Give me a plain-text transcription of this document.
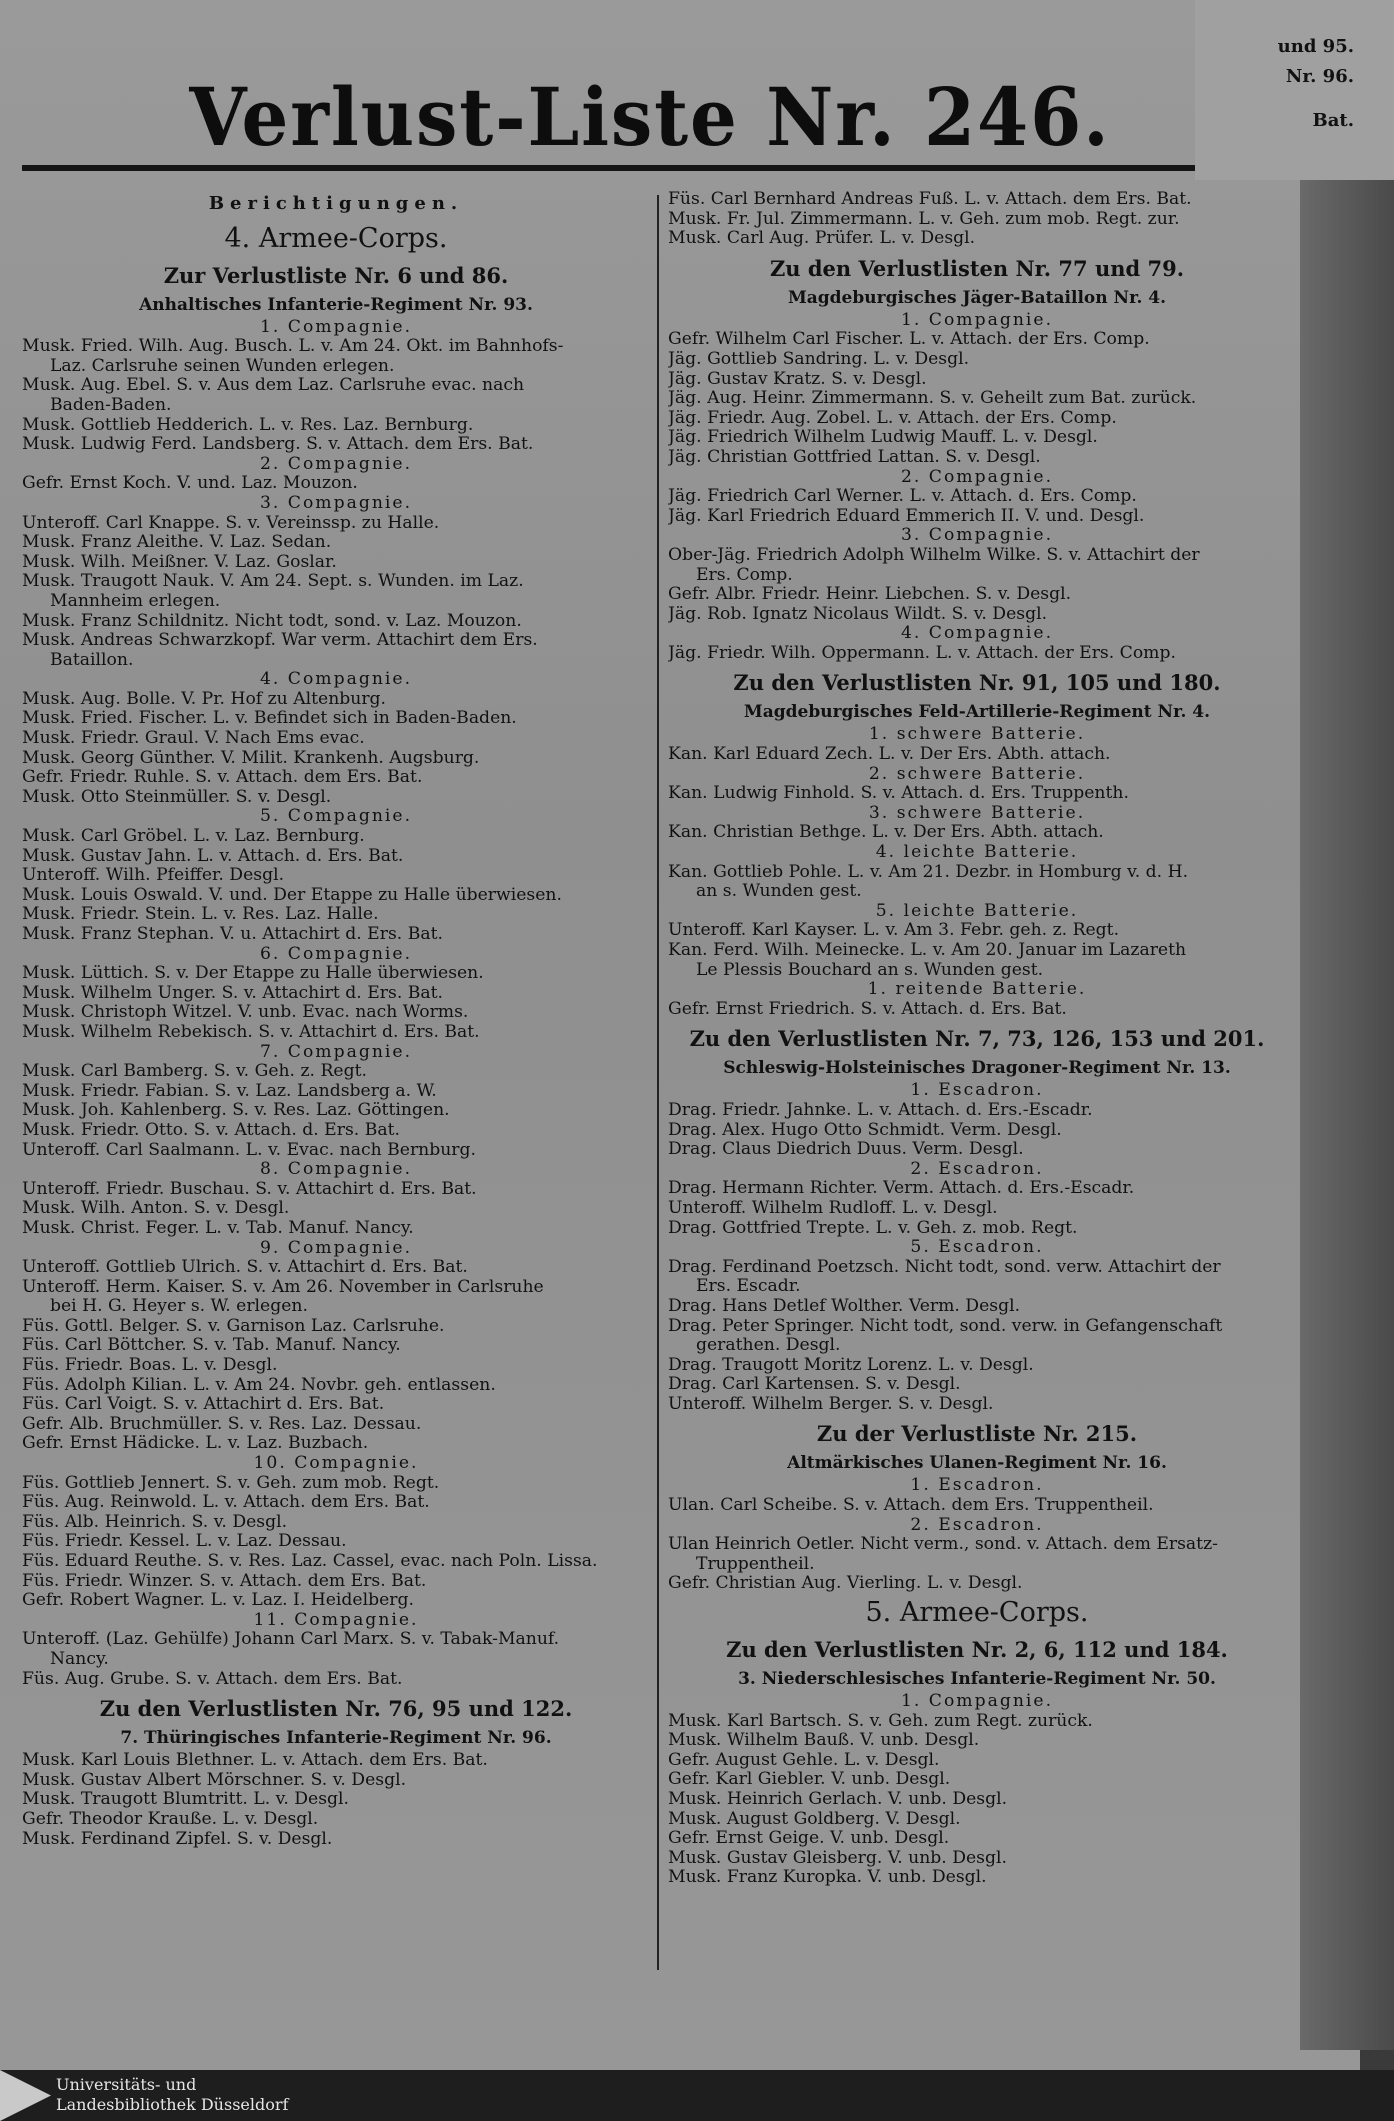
Verlust-Liste Nr. 246.
Berichtigungen.
4. Armee-Corps.
Zur Verlustliste Nr. 6 und 86.
Anhaltisches Infanterie-Regiment Nr. 93.
1. Compagnie.
Musk. Fried. Wilh. Aug. Busch. L. v. Am 24. Okt. im Bahnhofs-
Laz. Carlsruhe seinen Wunden erlegen.
Musk. Aug. Ebel. S. v. Aus dem Laz. Carlsruhe evac. nach
Baden-Baden.
Musk. Gottlieb Hedderich. L. v. Res. Laz. Bernburg.
Musk. Ludwig Ferd. Landsberg. S. v. Attach. dem Ers. Bat.
2. Compagnie.
Gefr. Ernst Koch. V. und. Laz. Mouzon.
3. Compagnie.
Unteroff. Carl Knappe. S. v. Vereinssp. zu Halle.
Musk. Franz Aleithe. V. Laz. Sedan.
Musk. Wilh. Meißner. V. Laz. Goslar.
Musk. Traugott Nauk. V. Am 24. Sept. s. Wunden. im Laz.
Mannheim erlegen.
Musk. Franz Schildnitz. Nicht todt, sond. v. Laz. Mouzon.
Musk. Andreas Schwarzkopf. War verm. Attachirt dem Ers.
Bataillon.
4. Compagnie.
Musk. Aug. Bolle. V. Pr. Hof zu Altenburg.
Musk. Fried. Fischer. L. v. Befindet sich in Baden-Baden.
Musk. Friedr. Graul. V. Nach Ems evac.
Musk. Georg Günther. V. Milit. Krankenh. Augsburg.
Gefr. Friedr. Ruhle. S. v. Attach. dem Ers. Bat.
Musk. Otto Steinmüller. S. v. Desgl.
5. Compagnie.
Musk. Carl Gröbel. L. v. Laz. Bernburg.
Musk. Gustav Jahn. L. v. Attach. d. Ers. Bat.
Unteroff. Wilh. Pfeiffer. Desgl.
Musk. Louis Oswald. V. und. Der Etappe zu Halle überwiesen.
Musk. Friedr. Stein. L. v. Res. Laz. Halle.
Musk. Franz Stephan. V. u. Attachirt d. Ers. Bat.
6. Compagnie.
Musk. Lüttich. S. v. Der Etappe zu Halle überwiesen.
Musk. Wilhelm Unger. S. v. Attachirt d. Ers. Bat.
Musk. Christoph Witzel. V. unb. Evac. nach Worms.
Musk. Wilhelm Rebekisch. S. v. Attachirt d. Ers. Bat.
7. Compagnie.
Musk. Carl Bamberg. S. v. Geh. z. Regt.
Musk. Friedr. Fabian. S. v. Laz. Landsberg a. W.
Musk. Joh. Kahlenberg. S. v. Res. Laz. Göttingen.
Musk. Friedr. Otto. S. v. Attach. d. Ers. Bat.
Unteroff. Carl Saalmann. L. v. Evac. nach Bernburg.
8. Compagnie.
Unteroff. Friedr. Buschau. S. v. Attachirt d. Ers. Bat.
Musk. Wilh. Anton. S. v. Desgl.
Musk. Christ. Feger. L. v. Tab. Manuf. Nancy.
9. Compagnie.
Unteroff. Gottlieb Ulrich. S. v. Attachirt d. Ers. Bat.
Unteroff. Herm. Kaiser. S. v. Am 26. November in Carlsruhe
bei H. G. Heyer s. W. erlegen.
Füs. Gottl. Belger. S. v. Garnison Laz. Carlsruhe.
Füs. Carl Böttcher. S. v. Tab. Manuf. Nancy.
Füs. Friedr. Boas. L. v. Desgl.
Füs. Adolph Kilian. L. v. Am 24. Novbr. geh. entlassen.
Füs. Carl Voigt. S. v. Attachirt d. Ers. Bat.
Gefr. Alb. Bruchmüller. S. v. Res. Laz. Dessau.
Gefr. Ernst Hädicke. L. v. Laz. Buzbach.
10. Compagnie.
Füs. Gottlieb Jennert. S. v. Geh. zum mob. Regt.
Füs. Aug. Reinwold. L. v. Attach. dem Ers. Bat.
Füs. Alb. Heinrich. S. v. Desgl.
Füs. Friedr. Kessel. L. v. Laz. Dessau.
Füs. Eduard Reuthe. S. v. Res. Laz. Cassel, evac. nach Poln. Lissa.
Füs. Friedr. Winzer. S. v. Attach. dem Ers. Bat.
Gefr. Robert Wagner. L. v. Laz. I. Heidelberg.
11. Compagnie.
Unteroff. (Laz. Gehülfe) Johann Carl Marx. S. v. Tabak-Manuf.
Nancy.
Füs. Aug. Grube. S. v. Attach. dem Ers. Bat.
Zu den Verlustlisten Nr. 76, 95 und 122.
7. Thüringisches Infanterie-Regiment Nr. 96.
Musk. Karl Louis Blethner. L. v. Attach. dem Ers. Bat.
Musk. Gustav Albert Mörschner. S. v. Desgl.
Musk. Traugott Blumtritt. L. v. Desgl.
Gefr. Theodor Krauße. L. v. Desgl.
Musk. Ferdinand Zipfel. S. v. Desgl.
Füs. Carl Bernhard Andreas Fuß. L. v. Attach. dem Ers. Bat.
Musk. Fr. Jul. Zimmermann. L. v. Geh. zum mob. Regt. zur.
Musk. Carl Aug. Prüfer. L. v. Desgl.
Zu den Verlustlisten Nr. 77 und 79.
Magdeburgisches Jäger-Bataillon Nr. 4.
1. Compagnie.
Gefr. Wilhelm Carl Fischer. L. v. Attach. der Ers. Comp.
Jäg. Gottlieb Sandring. L. v. Desgl.
Jäg. Gustav Kratz. S. v. Desgl.
Jäg. Aug. Heinr. Zimmermann. S. v. Geheilt zum Bat. zurück.
Jäg. Friedr. Aug. Zobel. L. v. Attach. der Ers. Comp.
Jäg. Friedrich Wilhelm Ludwig Mauff. L. v. Desgl.
Jäg. Christian Gottfried Lattan. S. v. Desgl.
2. Compagnie.
Jäg. Friedrich Carl Werner. L. v. Attach. d. Ers. Comp.
Jäg. Karl Friedrich Eduard Emmerich II. V. und. Desgl.
3. Compagnie.
Ober-Jäg. Friedrich Adolph Wilhelm Wilke. S. v. Attachirt der
Ers. Comp.
Gefr. Albr. Friedr. Heinr. Liebchen. S. v. Desgl.
Jäg. Rob. Ignatz Nicolaus Wildt. S. v. Desgl.
4. Compagnie.
Jäg. Friedr. Wilh. Oppermann. L. v. Attach. der Ers. Comp.
Zu den Verlustlisten Nr. 91, 105 und 180.
Magdeburgisches Feld-Artillerie-Regiment Nr. 4.
1. schwere Batterie.
Kan. Karl Eduard Zech. L. v. Der Ers. Abth. attach.
2. schwere Batterie.
Kan. Ludwig Finhold. S. v. Attach. d. Ers. Truppenth.
3. schwere Batterie.
Kan. Christian Bethge. L. v. Der Ers. Abth. attach.
4. leichte Batterie.
Kan. Gottlieb Pohle. L. v. Am 21. Dezbr. in Homburg v. d. H.
an s. Wunden gest.
5. leichte Batterie.
Unteroff. Karl Kayser. L. v. Am 3. Febr. geh. z. Regt.
Kan. Ferd. Wilh. Meinecke. L. v. Am 20. Januar im Lazareth
Le Plessis Bouchard an s. Wunden gest.
1. reitende Batterie.
Gefr. Ernst Friedrich. S. v. Attach. d. Ers. Bat.
Zu den Verlustlisten Nr. 7, 73, 126, 153 und 201.
Schleswig-Holsteinisches Dragoner-Regiment Nr. 13.
1. Escadron.
Drag. Friedr. Jahnke. L. v. Attach. d. Ers.-Escadr.
Drag. Alex. Hugo Otto Schmidt. Verm. Desgl.
Drag. Claus Diedrich Duus. Verm. Desgl.
2. Escadron.
Drag. Hermann Richter. Verm. Attach. d. Ers.-Escadr.
Unteroff. Wilhelm Rudloff. L. v. Desgl.
Drag. Gottfried Trepte. L. v. Geh. z. mob. Regt.
5. Escadron.
Drag. Ferdinand Poetzsch. Nicht todt, sond. verw. Attachirt der
Ers. Escadr.
Drag. Hans Detlef Wolther. Verm. Desgl.
Drag. Peter Springer. Nicht todt, sond. verw. in Gefangenschaft
gerathen. Desgl.
Drag. Traugott Moritz Lorenz. L. v. Desgl.
Drag. Carl Kartensen. S. v. Desgl.
Unteroff. Wilhelm Berger. S. v. Desgl.
Zu der Verlustliste Nr. 215.
Altmärkisches Ulanen-Regiment Nr. 16.
1. Escadron.
Ulan. Carl Scheibe. S. v. Attach. dem Ers. Truppentheil.
2. Escadron.
Ulan Heinrich Oetler. Nicht verm., sond. v. Attach. dem Ersatz-
Truppentheil.
Gefr. Christian Aug. Vierling. L. v. Desgl.
5. Armee-Corps.
Zu den Verlustlisten Nr. 2, 6, 112 und 184.
3. Niederschlesisches Infanterie-Regiment Nr. 50.
1. Compagnie.
Musk. Karl Bartsch. S. v. Geh. zum Regt. zurück.
Musk. Wilhelm Bauß. V. unb. Desgl.
Gefr. August Gehle. L. v. Desgl.
Gefr. Karl Giebler. V. unb. Desgl.
Musk. Heinrich Gerlach. V. unb. Desgl.
Musk. August Goldberg. V. Desgl.
Gefr. Ernst Geige. V. unb. Desgl.
Musk. Gustav Gleisberg. V. unb. Desgl.
Musk. Franz Kuropka. V. unb. Desgl.
und 95.
Nr. 96.
Bat.
Universitäts- und
Landesbibliothek Düsseldorf
